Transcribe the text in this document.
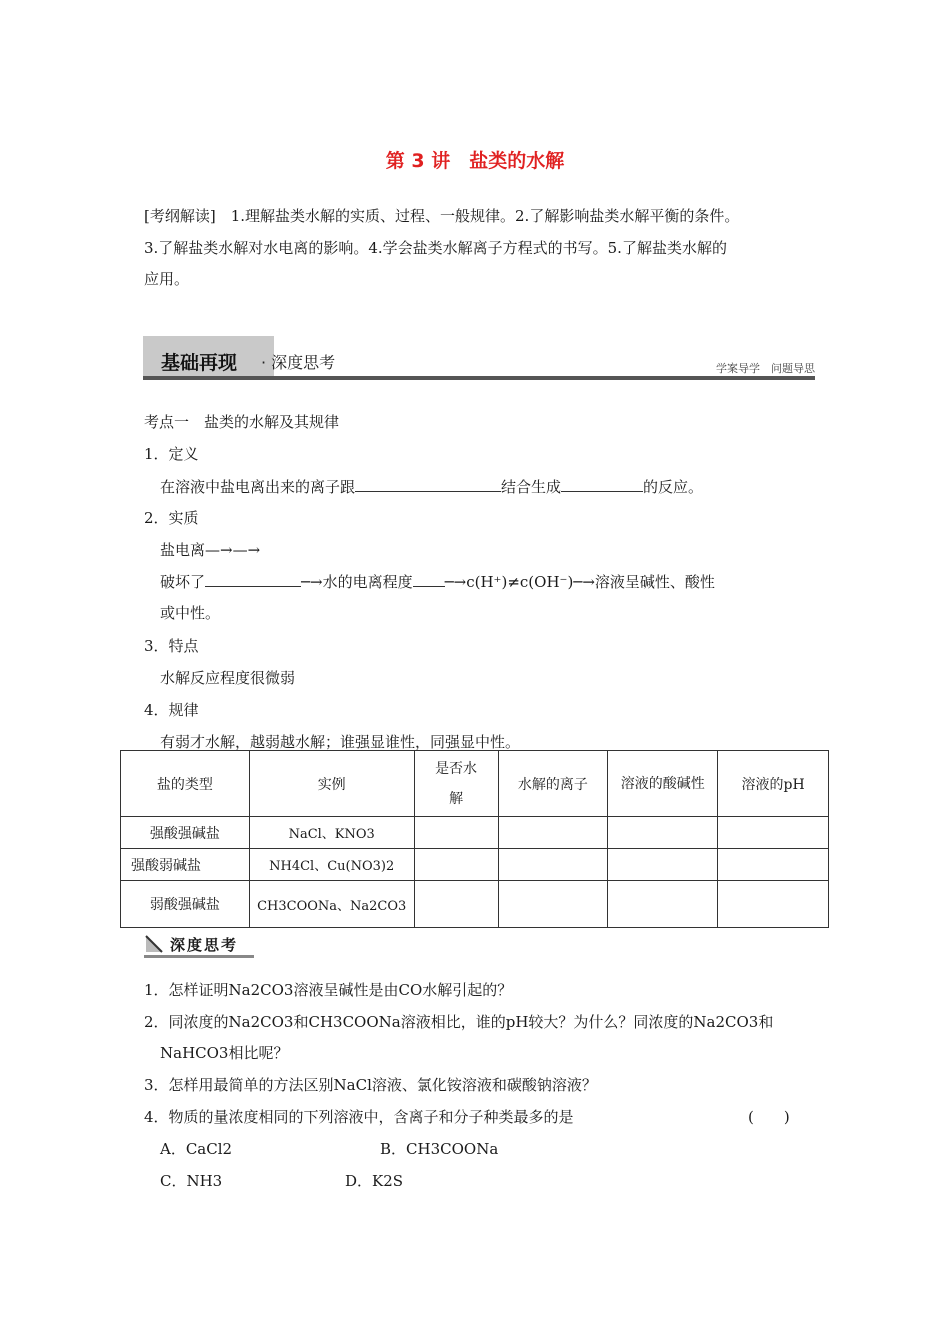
第 3 讲　盐类的水解
[考纲解读]　1.理解盐类水解的实质、过程、一般规律。2.了解影响盐类水解平衡的条件。
3.了解盐类水解对水电离的影响。4.学会盐类水解离子方程式的书写。5.了解盐类水解的
应用。
基础再现 · 深度思考	学案导学　问题导思
考点一　盐类的水解及其规律
1．定义
在溶液中盐电离出来的离子跟	结合生成	的反应。
2．实质
盐电离—→—→
破坏了	─→水的电离程度 ─→c(H⁺)≠c(OH⁻)─→溶液呈碱性、酸性
或中性。
3．特点
水解反应程度很微弱
4．规律
有弱才水解，越弱越水解；谁强显谁性，同强显中性。
盐的类型	实例	是否水解	水解的离子	溶液的酸碱性	溶液的pH
强酸强碱盐	NaCl、KNO3				
强酸弱碱盐	NH4Cl、Cu(NO3)2				
弱酸强碱盐	CH3COONa、Na2CO3				
深度思考
1．怎样证明Na2CO3溶液呈碱性是由CO水解引起的？
2．同浓度的Na2CO3和CH3COONa溶液相比，谁的pH较大？为什么？同浓度的Na2CO3和
NaHCO3相比呢？
3．怎样用最简单的方法区别NaCl溶液、氯化铵溶液和碳酸钠溶液？
4．物质的量浓度相同的下列溶液中，含离子和分子种类最多的是	(　　)
A．CaCl2	B．CH3COONa
C．NH3	D．K2S
